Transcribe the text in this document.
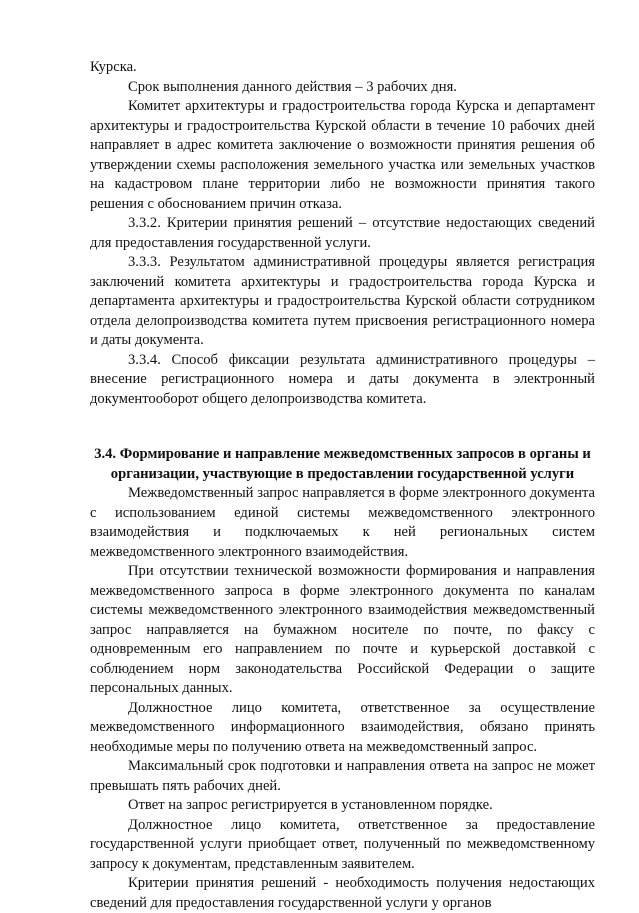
Курска.

Срок выполнения данного действия – 3 рабочих дня.

Комитет архитектуры и градостроительства города Курска и департамент архитектуры и градостроительства Курской области в течение 10 рабочих дней направляет в адрес комитета заключение о возможности принятия решения об утверждении схемы расположения земельного участка или земельных участков на кадастровом плане территории либо не возможности принятия такого решения с обоснованием причин отказа.

3.3.2. Критерии принятия решений – отсутствие недостающих сведений для предоставления государственной услуги.

3.3.3. Результатом административной процедуры является регистрация заключений комитета архитектуры и градостроительства города Курска и департамента архитектуры и градостроительства Курской области сотрудником отдела делопроизводства комитета путем присвоения регистрационного номера и даты документа.

3.3.4. Способ фиксации результата административного процедуры – внесение регистрационного номера и даты документа в электронный документооборот общего делопроизводства комитета.

3.4. Формирование и направление межведомственных запросов в органы и организации, участвующие в предоставлении государственной услуги

Межведомственный запрос направляется в форме электронного документа с использованием единой системы межведомственного электронного взаимодействия и подключаемых к ней региональных систем межведомственного электронного взаимодействия.

При отсутствии технической возможности формирования и направления межведомственного запроса в форме электронного документа по каналам системы межведомственного электронного взаимодействия межведомственный запрос направляется на бумажном носителе по почте, по факсу с одновременным его направлением по почте и курьерской доставкой с соблюдением норм законодательства Российской Федерации о защите персональных данных.

Должностное лицо комитета, ответственное за осуществление межведомственного информационного взаимодействия, обязано принять необходимые меры по получению ответа на межведомственный запрос.

Максимальный срок подготовки и направления ответа на запрос не может превышать пять рабочих дней.

Ответ на запрос регистрируется в установленном порядке.

Должностное лицо комитета, ответственное за предоставление государственной услуги приобщает ответ, полученный по межведомственному запросу к документам, представленным заявителем.

Критерии принятия решений - необходимость получения недостающих сведений для предоставления государственной услуги у органов
